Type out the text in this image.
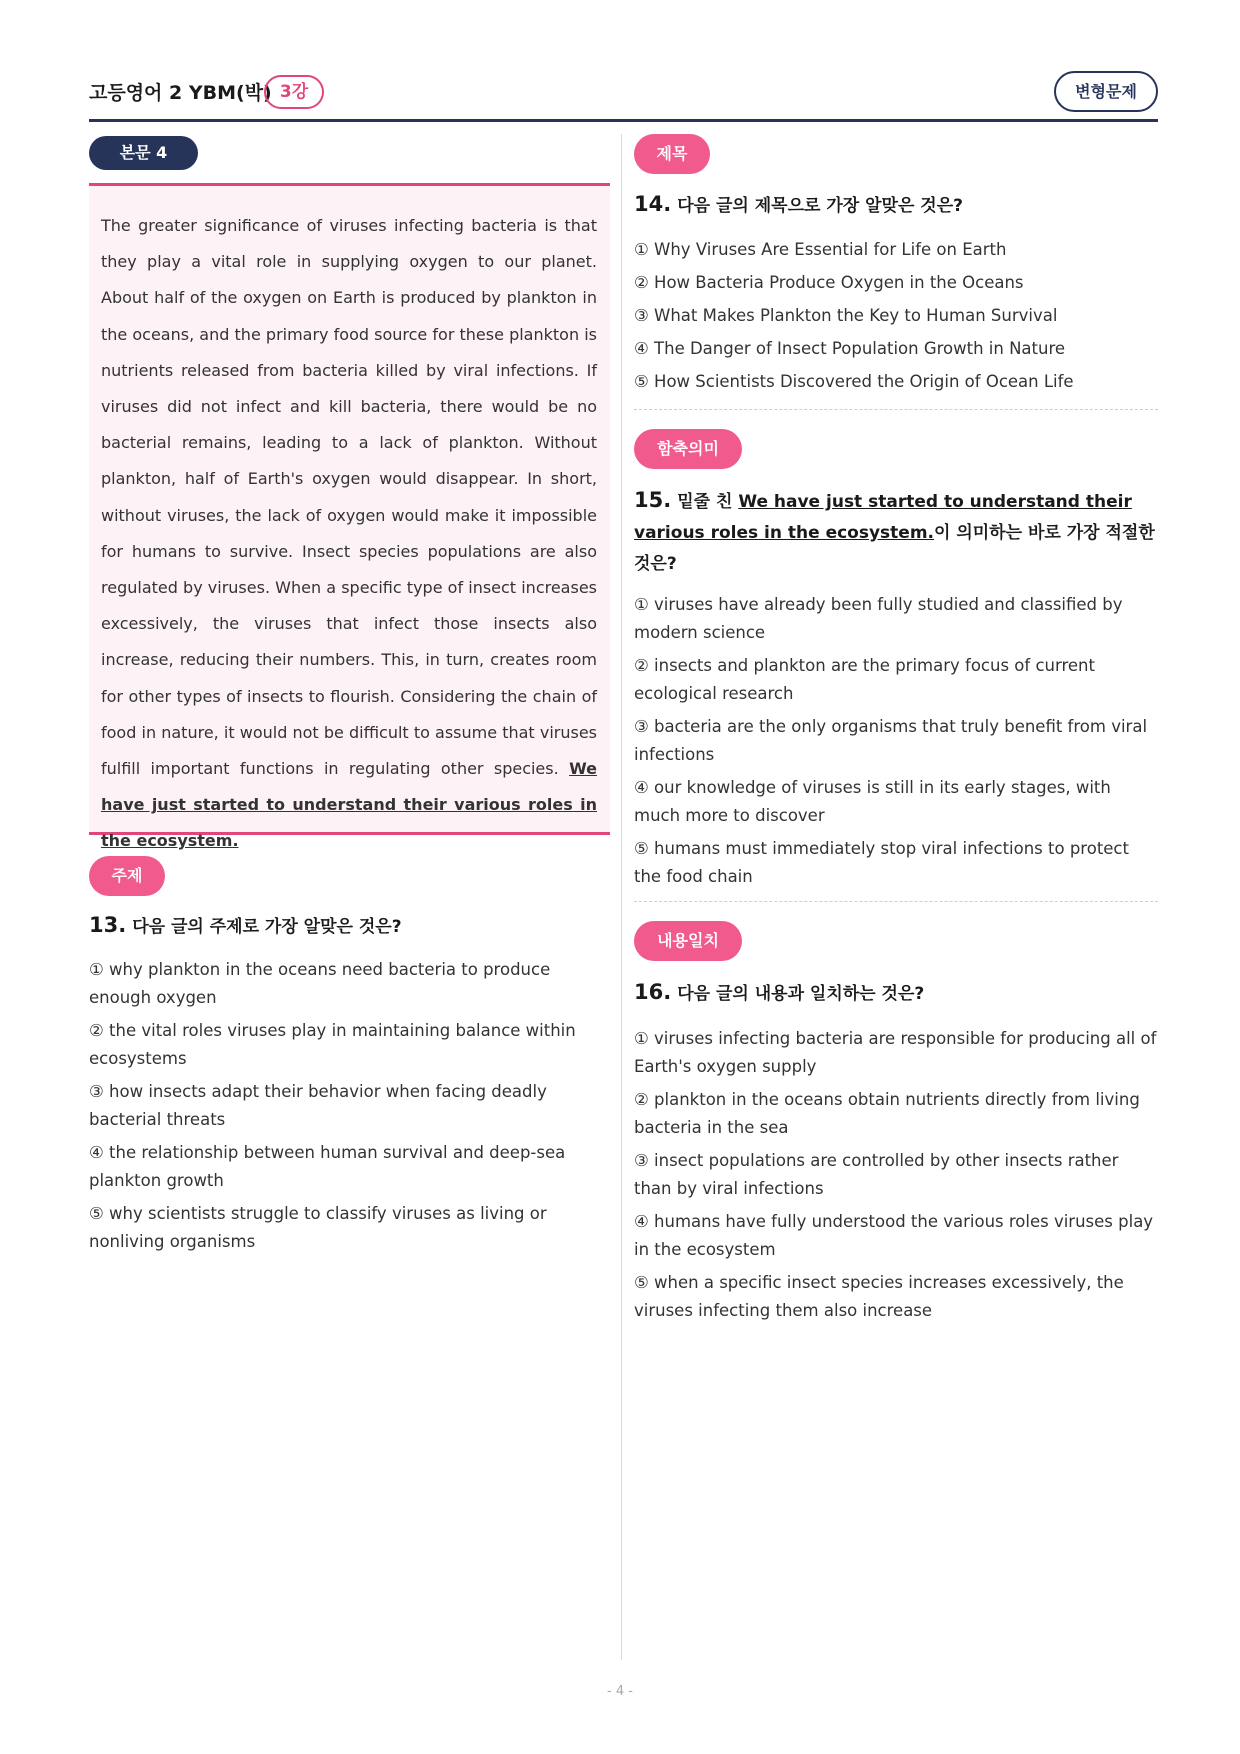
고등영어 2 YBM(박) 3강	변형문제
본문 4

The greater significance of viruses infecting bacteria is that they play a vital role in supplying oxygen to our planet. About half of the oxygen on Earth is produced by plankton in the oceans, and the primary food source for these plankton is nutrients released from bacteria killed by viral infections. If viruses did not infect and kill bacteria, there would be no bacterial remains, leading to a lack of plankton. Without plankton, half of Earth's oxygen would disappear. In short, without viruses, the lack of oxygen would make it impossible for humans to survive. Insect species populations are also regulated by viruses. When a specific type of insect increases excessively, the viruses that infect those insects also increase, reducing their numbers. This, in turn, creates room for other types of insects to flourish. Considering the chain of food in nature, it would not be difficult to assume that viruses fulfill important functions in regulating other species. We have just started to understand their various roles in the ecosystem.

주제
13. 다음 글의 주제로 가장 알맞은 것은?
① why plankton in the oceans need bacteria to produce enough oxygen
② the vital roles viruses play in maintaining balance within ecosystems
③ how insects adapt their behavior when facing deadly bacterial threats
④ the relationship between human survival and deep-sea plankton growth
⑤ why scientists struggle to classify viruses as living or nonliving organisms
제목
14. 다음 글의 제목으로 가장 알맞은 것은?
① Why Viruses Are Essential for Life on Earth
② How Bacteria Produce Oxygen in the Oceans
③ What Makes Plankton the Key to Human Survival
④ The Danger of Insect Population Growth in Nature
⑤ How Scientists Discovered the Origin of Ocean Life
함축의미
15. 밑줄 친 We have just started to understand their various roles in the ecosystem.이 의미하는 바로 가장 적절한 것은?
① viruses have already been fully studied and classified by modern science
② insects and plankton are the primary focus of current ecological research
③ bacteria are the only organisms that truly benefit from viral infections
④ our knowledge of viruses is still in its early stages, with much more to discover
⑤ humans must immediately stop viral infections to protect the food chain
내용일치
16. 다음 글의 내용과 일치하는 것은?
① viruses infecting bacteria are responsible for producing all of Earth's oxygen supply
② plankton in the oceans obtain nutrients directly from living bacteria in the sea
③ insect populations are controlled by other insects rather than by viral infections
④ humans have fully understood the various roles viruses play in the ecosystem
⑤ when a specific insect species increases excessively, the viruses infecting them also increase
- 4 -
